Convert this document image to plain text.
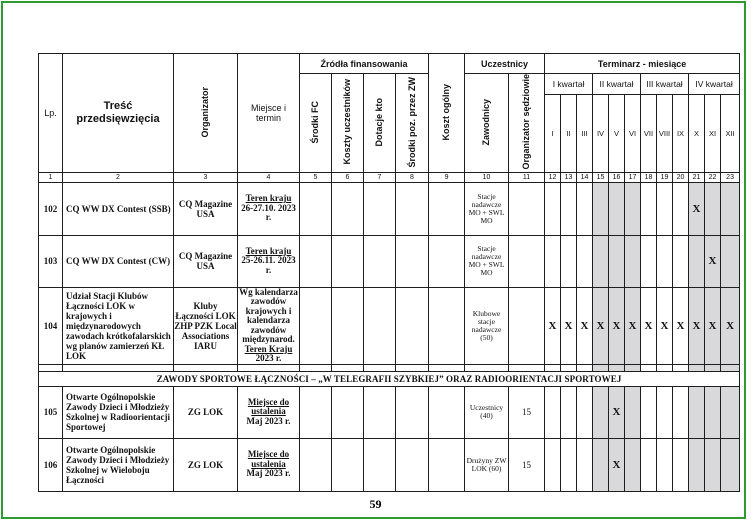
Lp.	Treść przedsięwzięcia	Organizator	Miejsce i termin	Źródła finansowania				Koszt ogólny	Uczestnicy		Terminarz - miesiące											
				Środki FC	Koszty uczestników	Dotacje kto	Środki poz. przez ZW		Zawodnicy	Organizator sędziowie	I kwartał			II kwartał			III kwartał			IV kwartał		
											I	II	III	IV	V	VI	VII	VIII	IX	X	XI	XII
1	2	3	4	5	6	7	8	9	10	11	12	13	14	15	16	17	18	19	20	21	22	23
102	CQ WW DX Contest (SSB)	CQ Magazine USA	Teren kraju
26-27.10. 2023 r.						Stacje nadawcze MO + SWL MO											X		
103	CQ WW DX Contest (CW)	CQ Magazine USA	Teren kraju
25-26.11. 2023 r.						Stacje nadawcze MO + SWL MO												X	
104	Udział Stacji Klubów Łączności LOK w krajowych i międzynarodowych zawodach krótkofalarskich wg planów zamierzeń KŁ LOK	Kluby Łączności LOK ZHP PZK Local Associations IARU	Wg kalendarza zawodów krajowych i kalendarza zawodów międzynarod.
Teren Kraju
2023 r.						Klubowe stacje nadawcze (50)		X	X	X	X	X	X	X	X	X	X	X	X

ZAWODY SPORTOWE ŁĄCZNOŚCI – „W TELEGRAFII SZYBKIEJ” ORAZ RADIOORIENTACJI SPORTOWEJ																						
105	Otwarte Ogólnopolskie Zawody Dzieci i Młodzieży Szkolnej w Radioorientacji Sportowej	ZG LOK	Miejsce do ustalenia
Maj 2023 r.						Uczestnicy (40)	15					X							
106	Otwarte Ogólnopolskie Zawody Dzieci i Młodzieży Szkolnej w Wieloboju Łączności	ZG LOK	Miejsce do ustalenia
Maj 2023 r.						Drużyny ZW LOK (60)	15					X							
59
